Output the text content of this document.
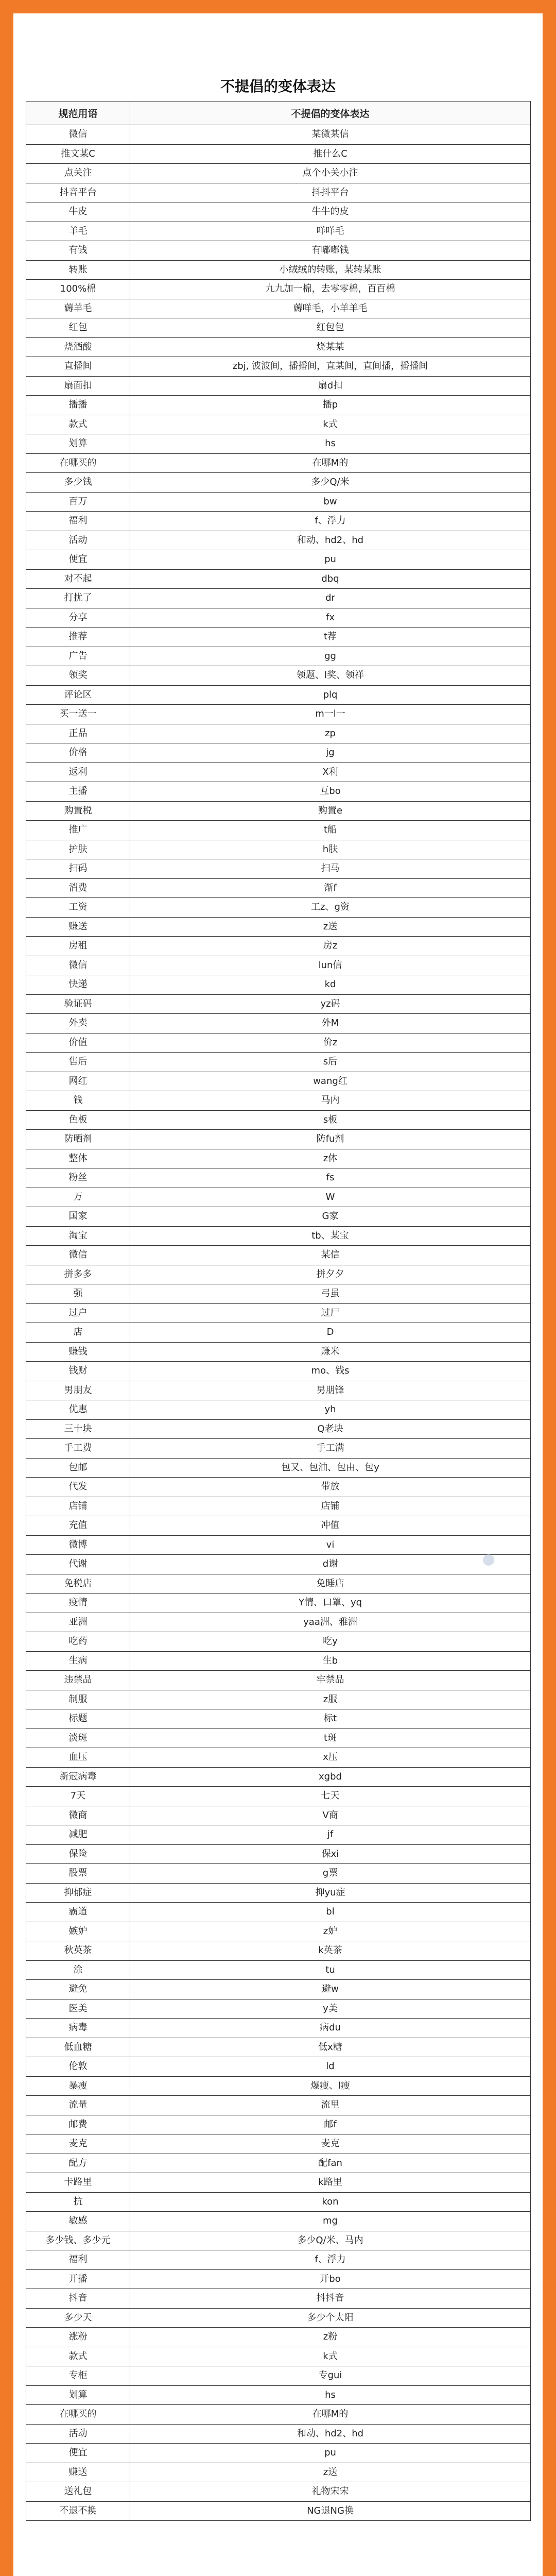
不提倡的变体表达
规范用语	不提倡的变体表达
微信	某微某信
推文某C	推什么C
点关注	点个小关小注
抖音平台	抖抖平台
牛皮	牛牛的皮
羊毛	咩咩毛
有钱	有嘟嘟钱
转账	小绒绒的转账，某转某账
100%棉	九九加一棉，去零零棉，百百棉
薅羊毛	薅咩毛，小羊羊毛
红包	红包包
烧酒酸	烧某某
直播间	zbj, 波波间，播播间，直某间，直间播，播播间
扇面扣	扇d扣
播播	播p
款式	k式
划算	hs
在哪买的	在哪M的
多少钱	多少Q/米
百万	bw
福利	f、浮力
活动	和动、hd2、hd
便宜	pu
对不起	dbq
打扰了	dr
分享	fx
推荐	t荐
广告	gg
领奖	领题、l奖、领祥
评论区	plq
买一送一	m一l一
正品	zp
价格	jg
返利	X利
主播	互bo
购置税	购置e
推广	t船
护肤	h肤
扫码	扫马
消费	渐f
工资	工z、g资
赚送	z送
房租	房z
微信	lun信
快递	kd
验证码	yz码
外卖	外M
价值	价z
售后	s后
网红	wang红
钱	马内
色板	s板
防晒剂	防fu剂
整体	z体
粉丝	fs
万	W
国家	G家
淘宝	tb、某宝
微信	某信
拼多多	拼夕夕
强	弓虽
过户	过尸
店	D
赚钱	赚米
钱财	mo、钱s
男朋友	男朋锋
优惠	yh
三十块	Q老块
手工费	手工满
包邮	包又、包油、包由、包y
代发	带放
店铺	店铺
充值	冲值
微博	vi
代谢	d谢
免税店	免睡店
疫情	Y情、口罩、yq
亚洲	yaa洲、雅洲
吃药	吃y
生病	生b
违禁品	牢禁品
制服	z服
标题	标t
淡斑	t斑
血压	x压
新冠病毒	xgbd
7天	七天
微商	V商
减肥	jf
保险	保xi
股票	g票
抑郁症	抑yu症
霸道	bl
嫉妒	z妒
秋英茶	k英茶
涂	tu
避免	避w
医美	y美
病毒	病du
低血糖	低x糖
伦敦	ld
暴瘦	爆瘦、l瘦
流量	流里
邮费	邮f
麦克	麦克
配方	配fan
卡路里	k路里
抗	kon
敏感	mg
多少钱、多少元	多少Q/米、马内
福利	f、浮力
开播	开bo
抖音	抖抖音
多少天	多少个太阳
涨粉	z粉
款式	k式
专柜	专gui
划算	hs
在哪买的	在哪M的
活动	和动、hd2、hd
便宜	pu
赚送	z送
送礼包	礼物宋宋
不退不换	NG退NG换
